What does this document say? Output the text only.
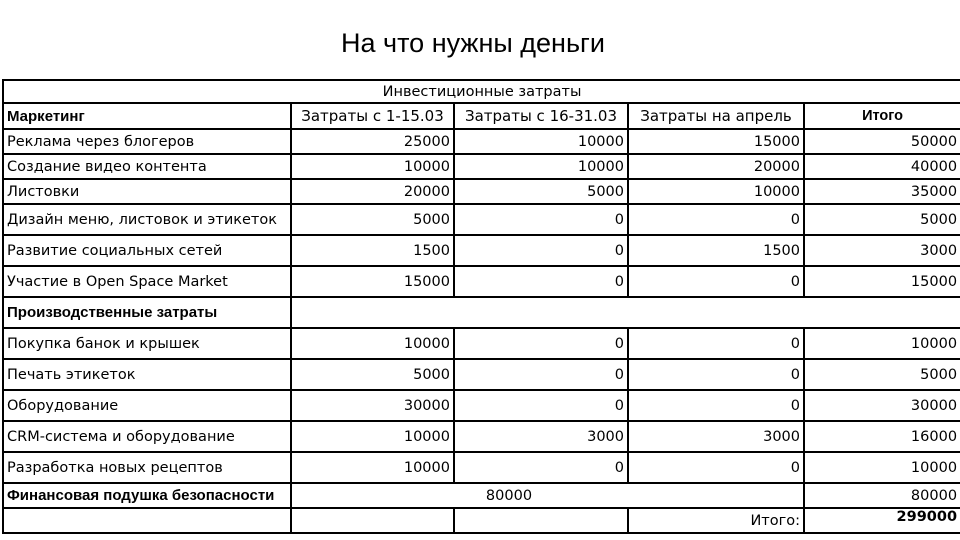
На что нужны деньги
Инвестиционные затраты				
Маркетинг	Затраты с 1-15.03	Затраты с 16-31.03	Затраты на апрель	Итого
Реклама через блогеров	25000	10000	15000	50000
Создание видео контента	10000	10000	20000	40000
Листовки	20000	5000	10000	35000
Дизайн меню, листовок и этикеток	5000	0	0	5000
Развитие социальных сетей	1500	0	1500	3000
Участие в Open Space Market	15000	0	0	15000
Производственные затраты				
Покупка банок и крышек	10000	0	0	10000
Печать этикеток	5000	0	0	5000
Оборудование	30000	0	0	30000
CRM-система и оборудование	10000	3000	3000	16000
Разработка новых рецептов	10000	0	0	10000
Финансовая подушка безопасности	80000			80000
			Итого:	299000
